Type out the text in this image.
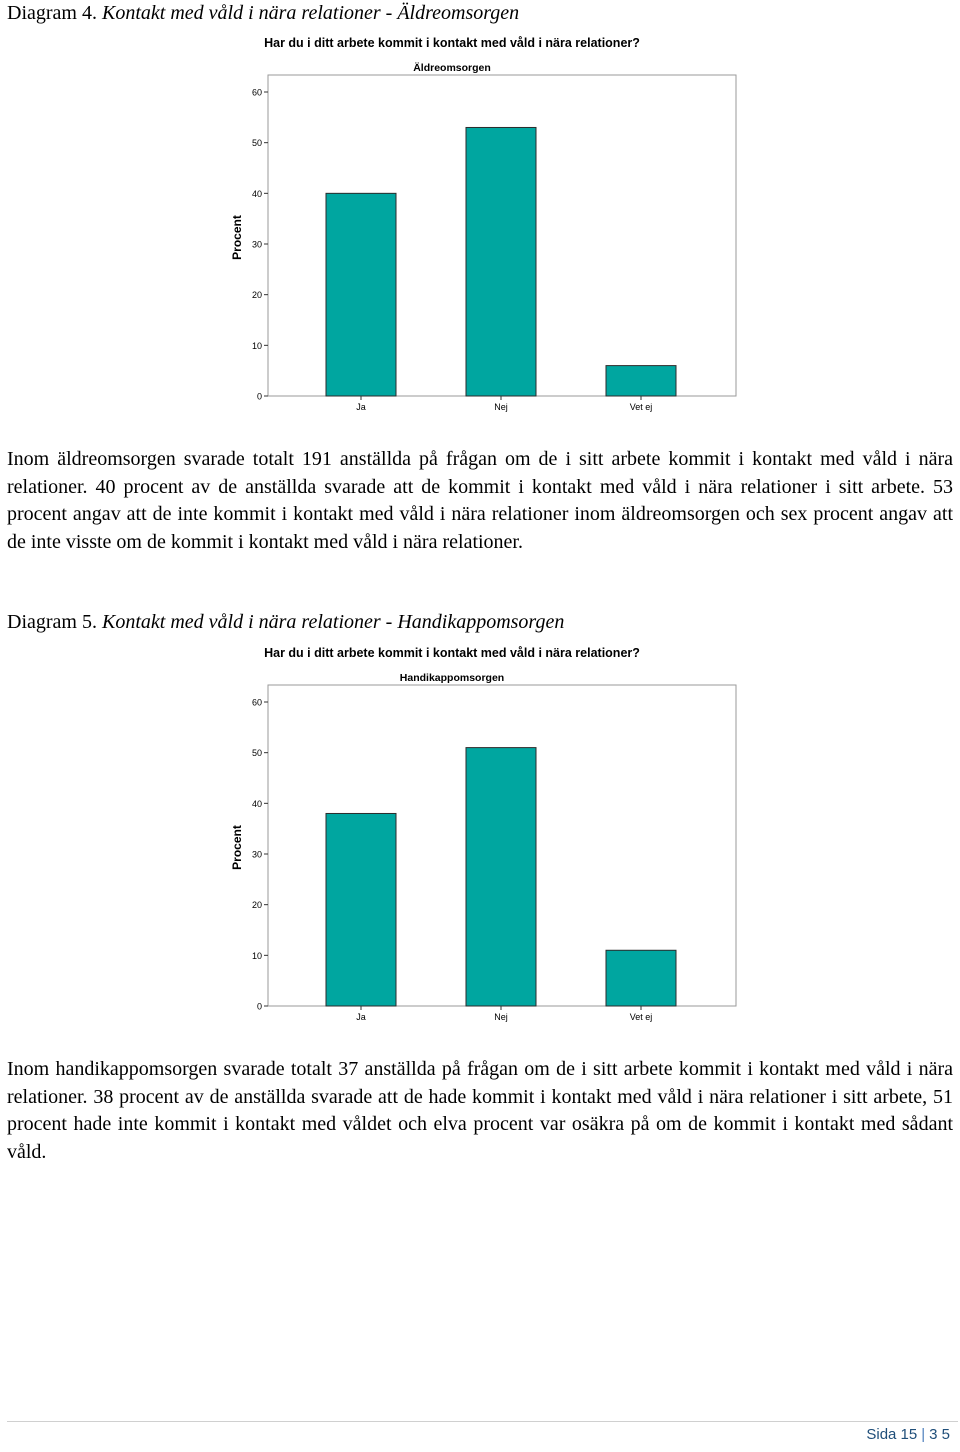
Diagram 4. Kontakt med våld i nära relationer - Äldreomsorgen
Har du i ditt arbete kommit i kontakt med våld i nära relationer?
Äldreomsorgen
0
10
20
30
40
50
60
Procent
Ja	Nej	Vet ej

Inom äldreomsorgen svarade totalt 191 anställda på frågan om de i sitt arbete kommit i kontakt med våld i nära relationer. 40 procent av de anställda svarade att de kommit i kontakt med våld i nära relationer i sitt arbete. 53 procent angav att de inte kommit i kontakt med våld i nära relationer inom äldreomsorgen och sex procent angav att de inte visste om de kommit i kontakt med våld i nära relationer.

Diagram 5. Kontakt med våld i nära relationer - Handikappomsorgen
Har du i ditt arbete kommit i kontakt med våld i nära relationer?
Handikappomsorgen
0
10
20
30
40
50
60
Procent
Ja	Nej	Vet ej

Inom handikappomsorgen svarade totalt 37 anställda på frågan om de i sitt arbete kommit i kontakt med våld i nära relationer. 38 procent av de anställda svarade att de hade kommit i kontakt med våld i nära relationer i sitt arbete, 51 procent hade inte kommit i kontakt med våldet och elva procent var osäkra på om de kommit i kontakt med sådant våld.

Sida 15 | 3 5
